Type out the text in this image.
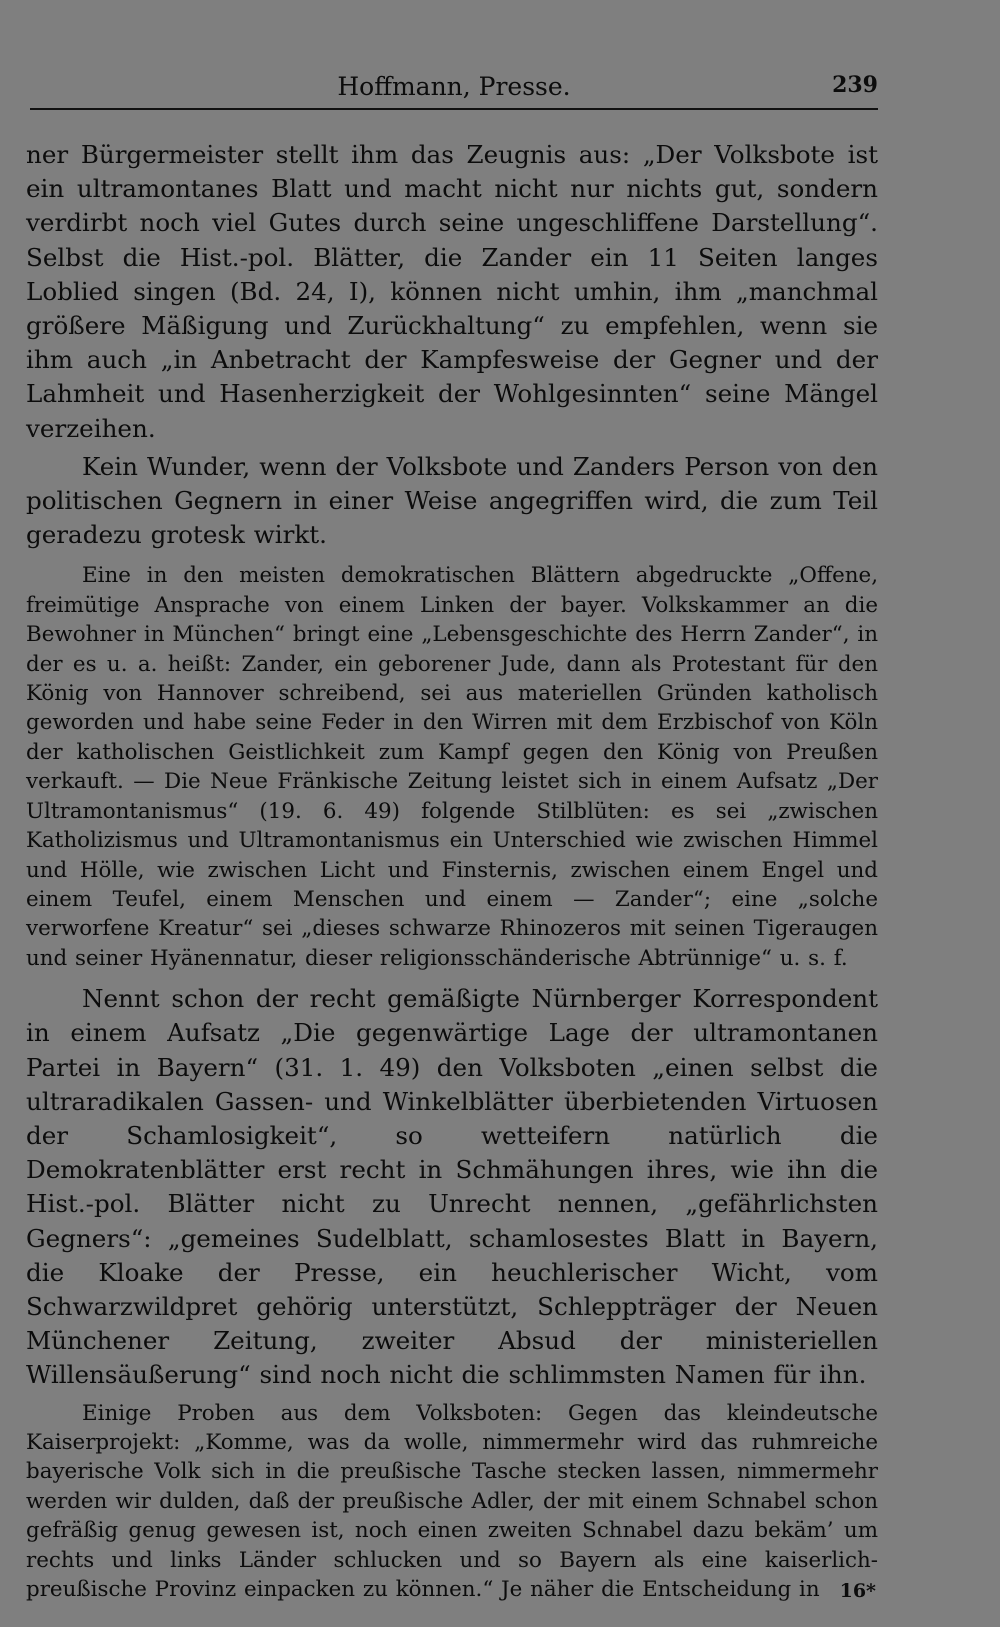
Hoffmann, Presse.	239

ner Bürgermeister stellt ihm das Zeugnis aus: „Der Volksbote ist ein ultramontanes Blatt und macht nicht nur nichts gut, sondern verdirbt noch viel Gutes durch seine ungeschliffene Darstellung“. Selbst die Hist.-pol. Blätter, die Zander ein 11 Seiten langes Loblied singen (Bd. 24, I), können nicht umhin, ihm „manchmal größere Mäßigung und Zurückhaltung“ zu empfehlen, wenn sie ihm auch „in Anbetracht der Kampfesweise der Gegner und der Lahmheit und Hasenherzigkeit der Wohlgesinnten“ seine Mängel verzeihen.

Kein Wunder, wenn der Volksbote und Zanders Person von den politischen Gegnern in einer Weise angegriffen wird, die zum Teil geradezu grotesk wirkt.

Eine in den meisten demokratischen Blättern abgedruckte „Offene, freimütige Ansprache von einem Linken der bayer. Volkskammer an die Bewohner in München“ bringt eine „Lebensgeschichte des Herrn Zander“, in der es u. a. heißt: Zander, ein geborener Jude, dann als Protestant für den König von Hannover schreibend, sei aus materiellen Gründen katholisch geworden und habe seine Feder in den Wirren mit dem Erzbischof von Köln der katholischen Geistlichkeit zum Kampf gegen den König von Preußen verkauft. — Die Neue Fränkische Zeitung leistet sich in einem Aufsatz „Der Ultramontanismus“ (19. 6. 49) folgende Stilblüten: es sei „zwischen Katholizismus und Ultramontanismus ein Unterschied wie zwischen Himmel und Hölle, wie zwischen Licht und Finsternis, zwischen einem Engel und einem Teufel, einem Menschen und einem — Zander“; eine „solche verworfene Kreatur“ sei „dieses schwarze Rhinozeros mit seinen Tigeraugen und seiner Hyänennatur, dieser religionsschänderische Abtrünnige“ u. s. f.

Nennt schon der recht gemäßigte Nürnberger Korrespondent in einem Aufsatz „Die gegenwärtige Lage der ultramontanen Partei in Bayern“ (31. 1. 49) den Volksboten „einen selbst die ultraradikalen Gassen- und Winkelblätter überbietenden Virtuosen der Schamlosigkeit“, so wetteifern natürlich die Demokratenblätter erst recht in Schmähungen ihres, wie ihn die Hist.-pol. Blätter nicht zu Unrecht nennen, „gefährlichsten Gegners“: „gemeines Sudelblatt, schamlosestes Blatt in Bayern, die Kloake der Presse, ein heuchlerischer Wicht, vom Schwarzwildpret gehörig unterstützt, Schleppträger der Neuen Münchener Zeitung, zweiter Absud der ministeriellen Willensäußerung“ sind noch nicht die schlimmsten Namen für ihn.

Einige Proben aus dem Volksboten: Gegen das kleindeutsche Kaiserprojekt: „Komme, was da wolle, nimmermehr wird das ruhmreiche bayerische Volk sich in die preußische Tasche stecken lassen, nimmermehr werden wir dulden, daß der preußische Adler, der mit einem Schnabel schon gefräßig genug gewesen ist, noch einen zweiten Schnabel dazu bekäm’ um rechts und links Länder schlucken und so Bayern als eine kaiserlich-preußische Provinz einpacken zu können.“ Je näher die Entscheidung in	16*
